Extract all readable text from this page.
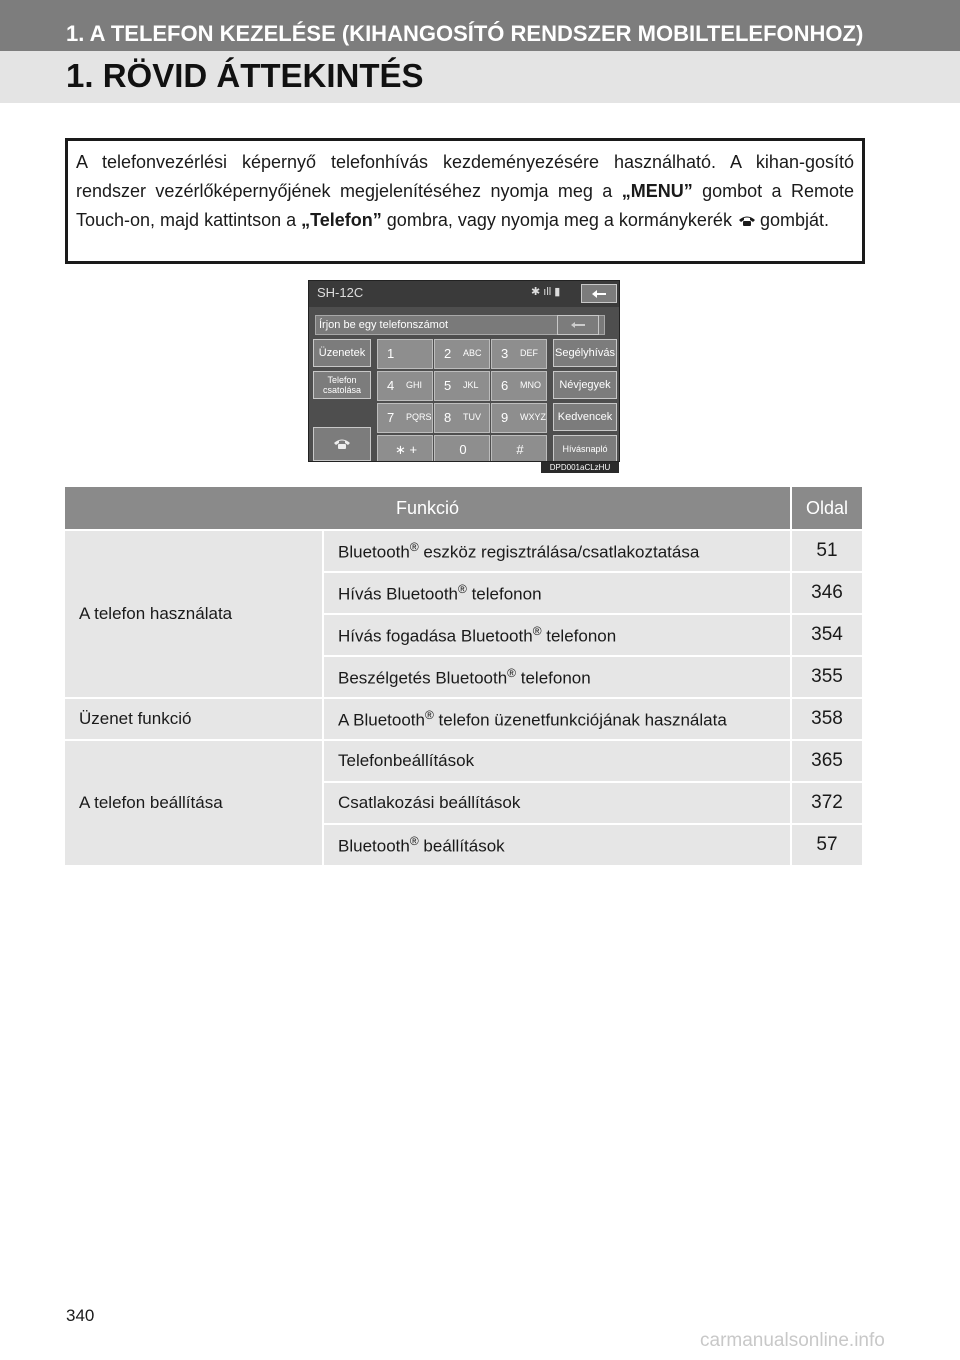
1. A TELEFON KEZELÉSE (KIHANGOSÍTÓ RENDSZER MOBILTELEFONHOZ)
1. RÖVID ÁTTEKINTÉS
A telefonvezérlési képernyő telefonhívás kezdeményezésére használható. A kihan-gosító rendszer vezérlőképernyőjének megjelenítéséhez nyomja meg a „MENU” gombot a Remote Touch-on, majd kattintson a „Telefon” gombra, vagy nyomja meg a kormánykerék gombját.
SH-12C	✱ ıll ▮
Írjon be egy telefonszámot
Üzenetek
Telefon csatolása
1	2 ABC 3 DEF
4 GHI 5 JKL 6 MNO
7 PQRS 8 TUV 9 WXYZ
∗ +	0	#
Segélyhívás
Névjegyek
Kedvencek
Hívásnapló
DPD001aCLzHU
Funkció		Oldal
A telefon használata	Bluetooth® eszköz regisztrálása/csatlakoztatása	51
	Hívás Bluetooth® telefonon	346
	Hívás fogadása Bluetooth® telefonon	354
	Beszélgetés Bluetooth® telefonon	355
Üzenet funkció	A Bluetooth® telefon üzenetfunkciójának használata	358
A telefon beállítása	Telefonbeállítások	365
	Csatlakozási beállítások	372
	Bluetooth® beállítások	57
340
carmanualsonline.info
